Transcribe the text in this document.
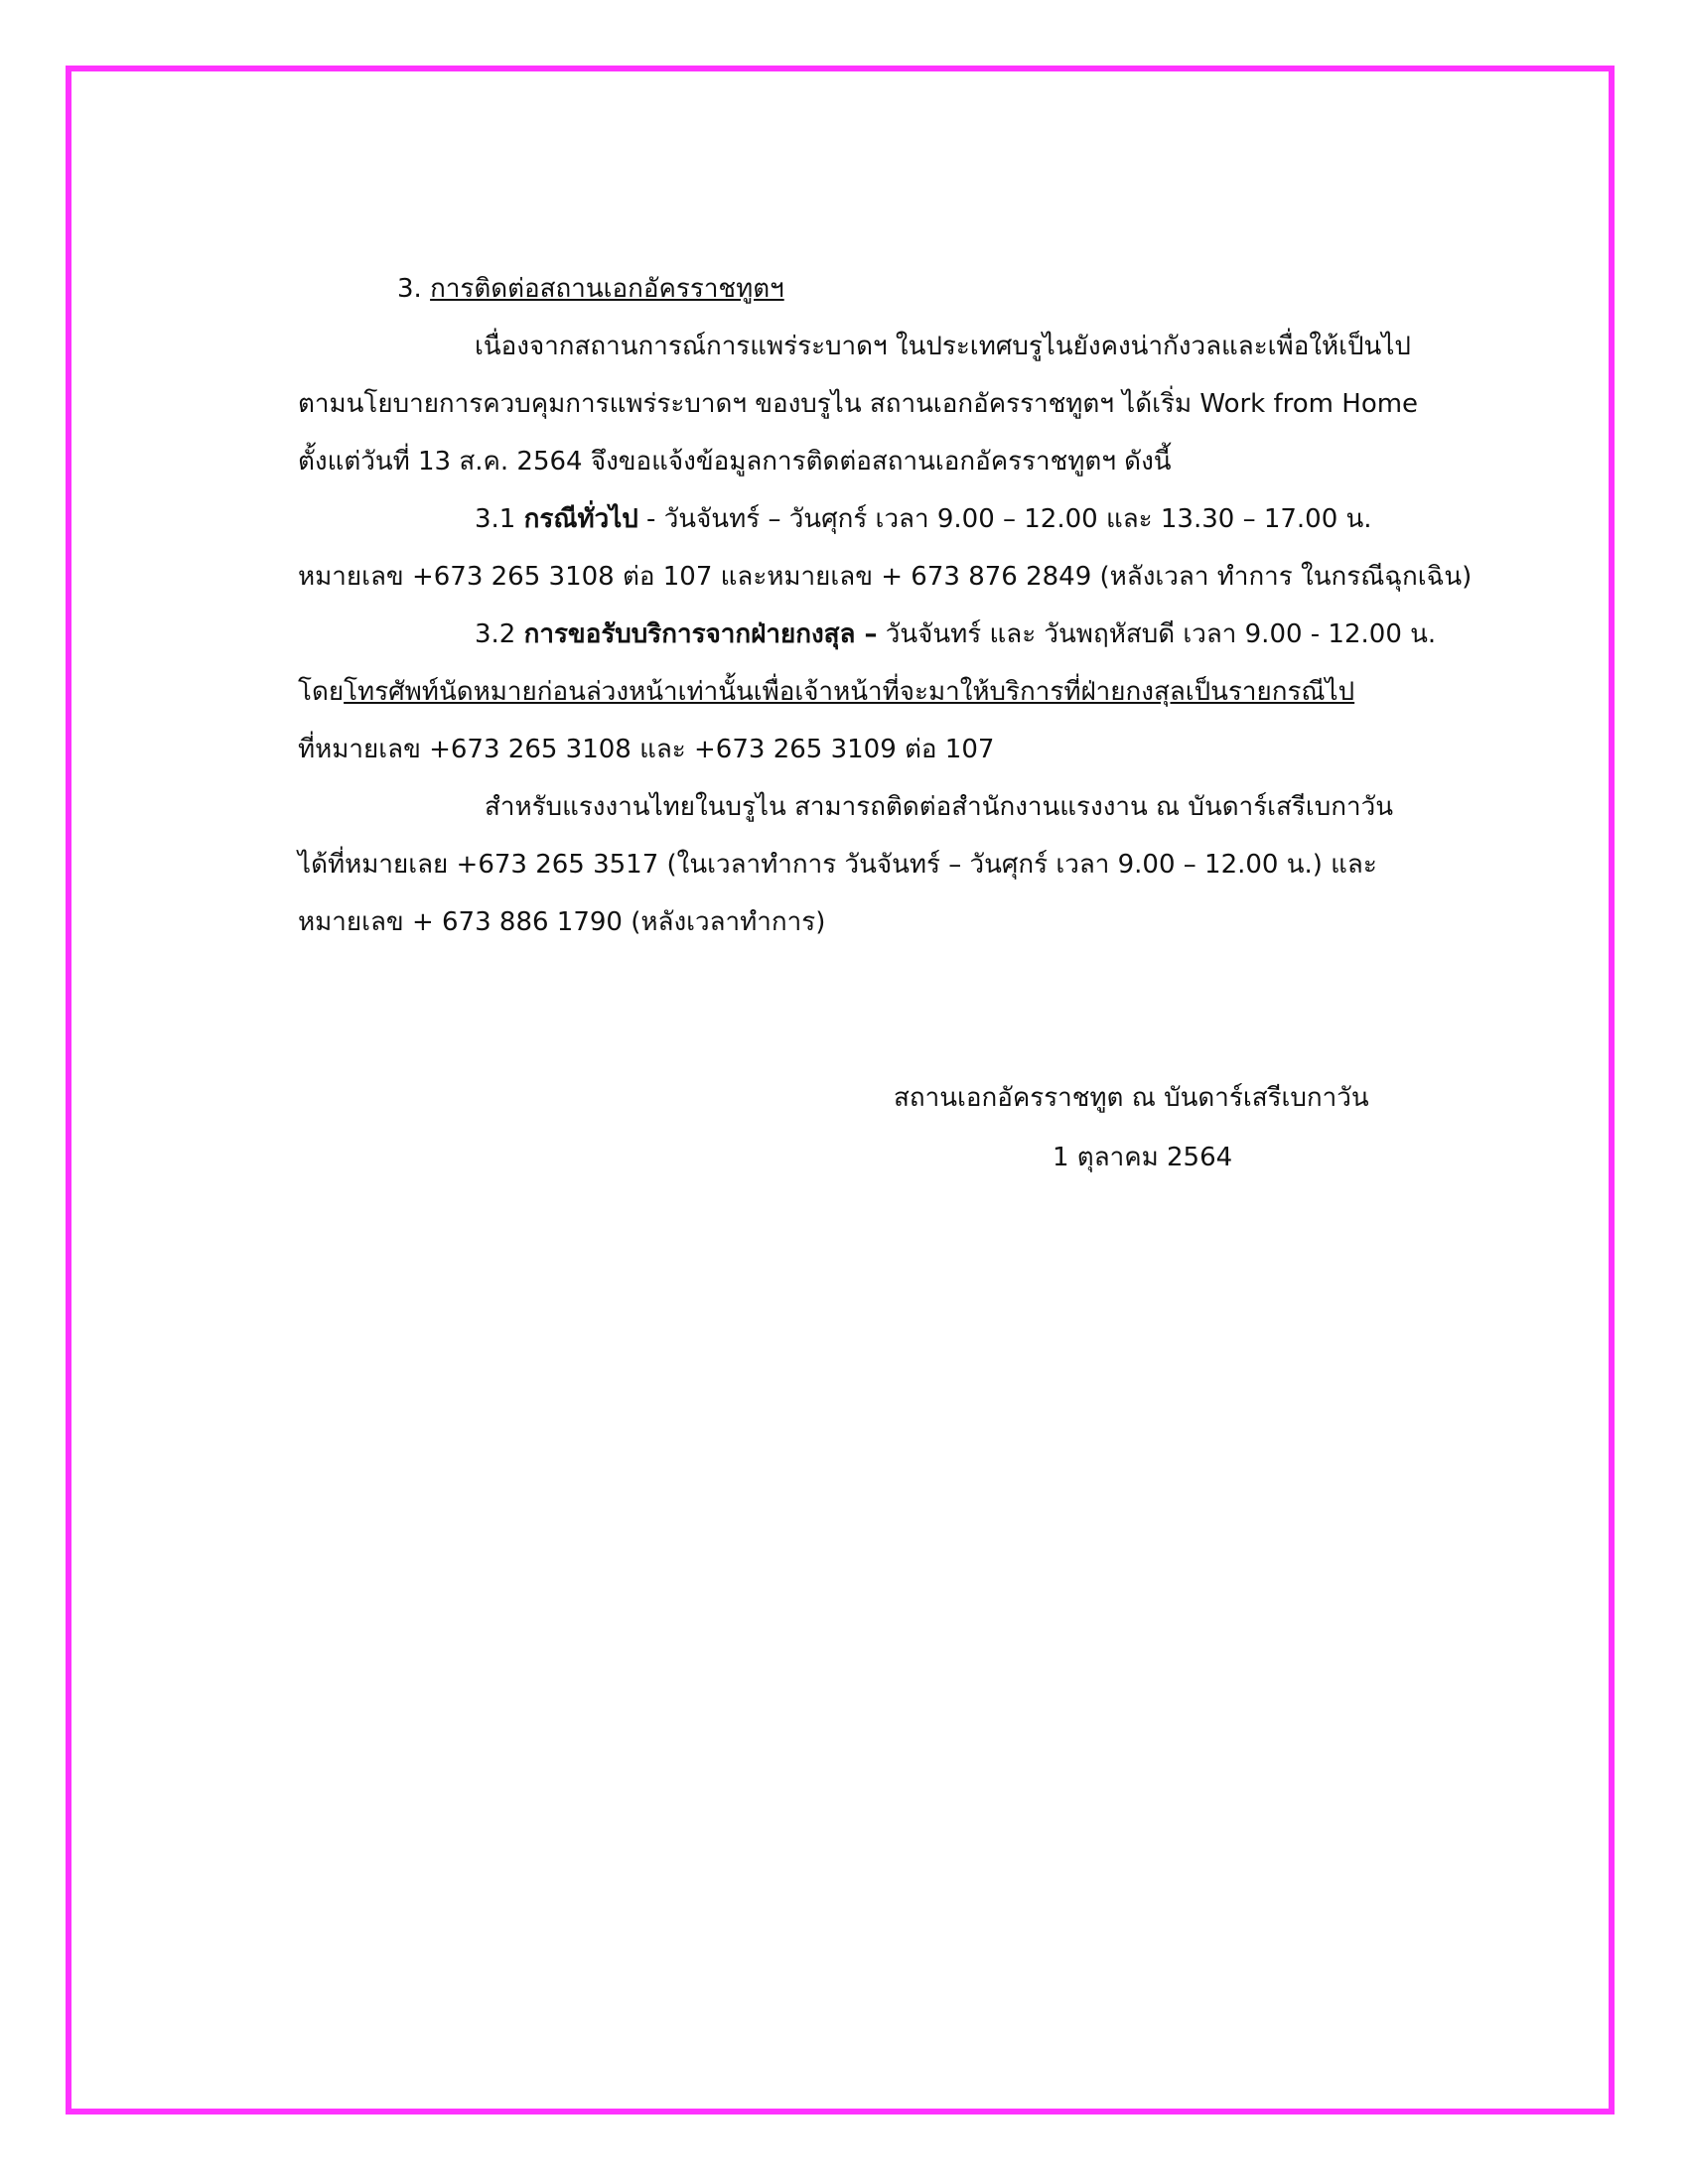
3. การติดต่อสถานเอกอัครราชทูตฯ
เนื่องจากสถานการณ์การแพร่ระบาดฯ ในประเทศบรูไนยังคงน่ากังวลและเพื่อให้เป็นไป
ตามนโยบายการควบคุมการแพร่ระบาดฯ ของบรูไน สถานเอกอัครราชทูตฯ ได้เริ่ม Work from Home
ตั้งแต่วันที่ 13 ส.ค. 2564 จึงขอแจ้งข้อมูลการติดต่อสถานเอกอัครราชทูตฯ ดังนี้
3.1 กรณีทั่วไป - วันจันทร์ – วันศุกร์ เวลา 9.00 – 12.00 และ 13.30 – 17.00 น.
หมายเลข +673 265 3108 ต่อ 107 และหมายเลข + 673 876 2849 (หลังเวลา ทำการ ในกรณีฉุกเฉิน)
3.2 การขอรับบริการจากฝ่ายกงสุล – วันจันทร์ และ วันพฤหัสบดี เวลา 9.00 - 12.00 น.
โดยโทรศัพท์นัดหมายก่อนล่วงหน้าเท่านั้นเพื่อเจ้าหน้าที่จะมาให้บริการที่ฝ่ายกงสุลเป็นรายกรณีไป
ที่หมายเลข +673 265 3108 และ +673 265 3109 ต่อ 107
สำหรับแรงงานไทยในบรูไน สามารถติดต่อสำนักงานแรงงาน ณ บันดาร์เสรีเบกาวัน
ได้ที่หมายเลย +673 265 3517 (ในเวลาทำการ วันจันทร์ – วันศุกร์ เวลา 9.00 – 12.00 น.) และ
หมายเลข + 673 886 1790 (หลังเวลาทำการ)
สถานเอกอัครราชทูต ณ บันดาร์เสรีเบกาวัน
1 ตุลาคม 2564
